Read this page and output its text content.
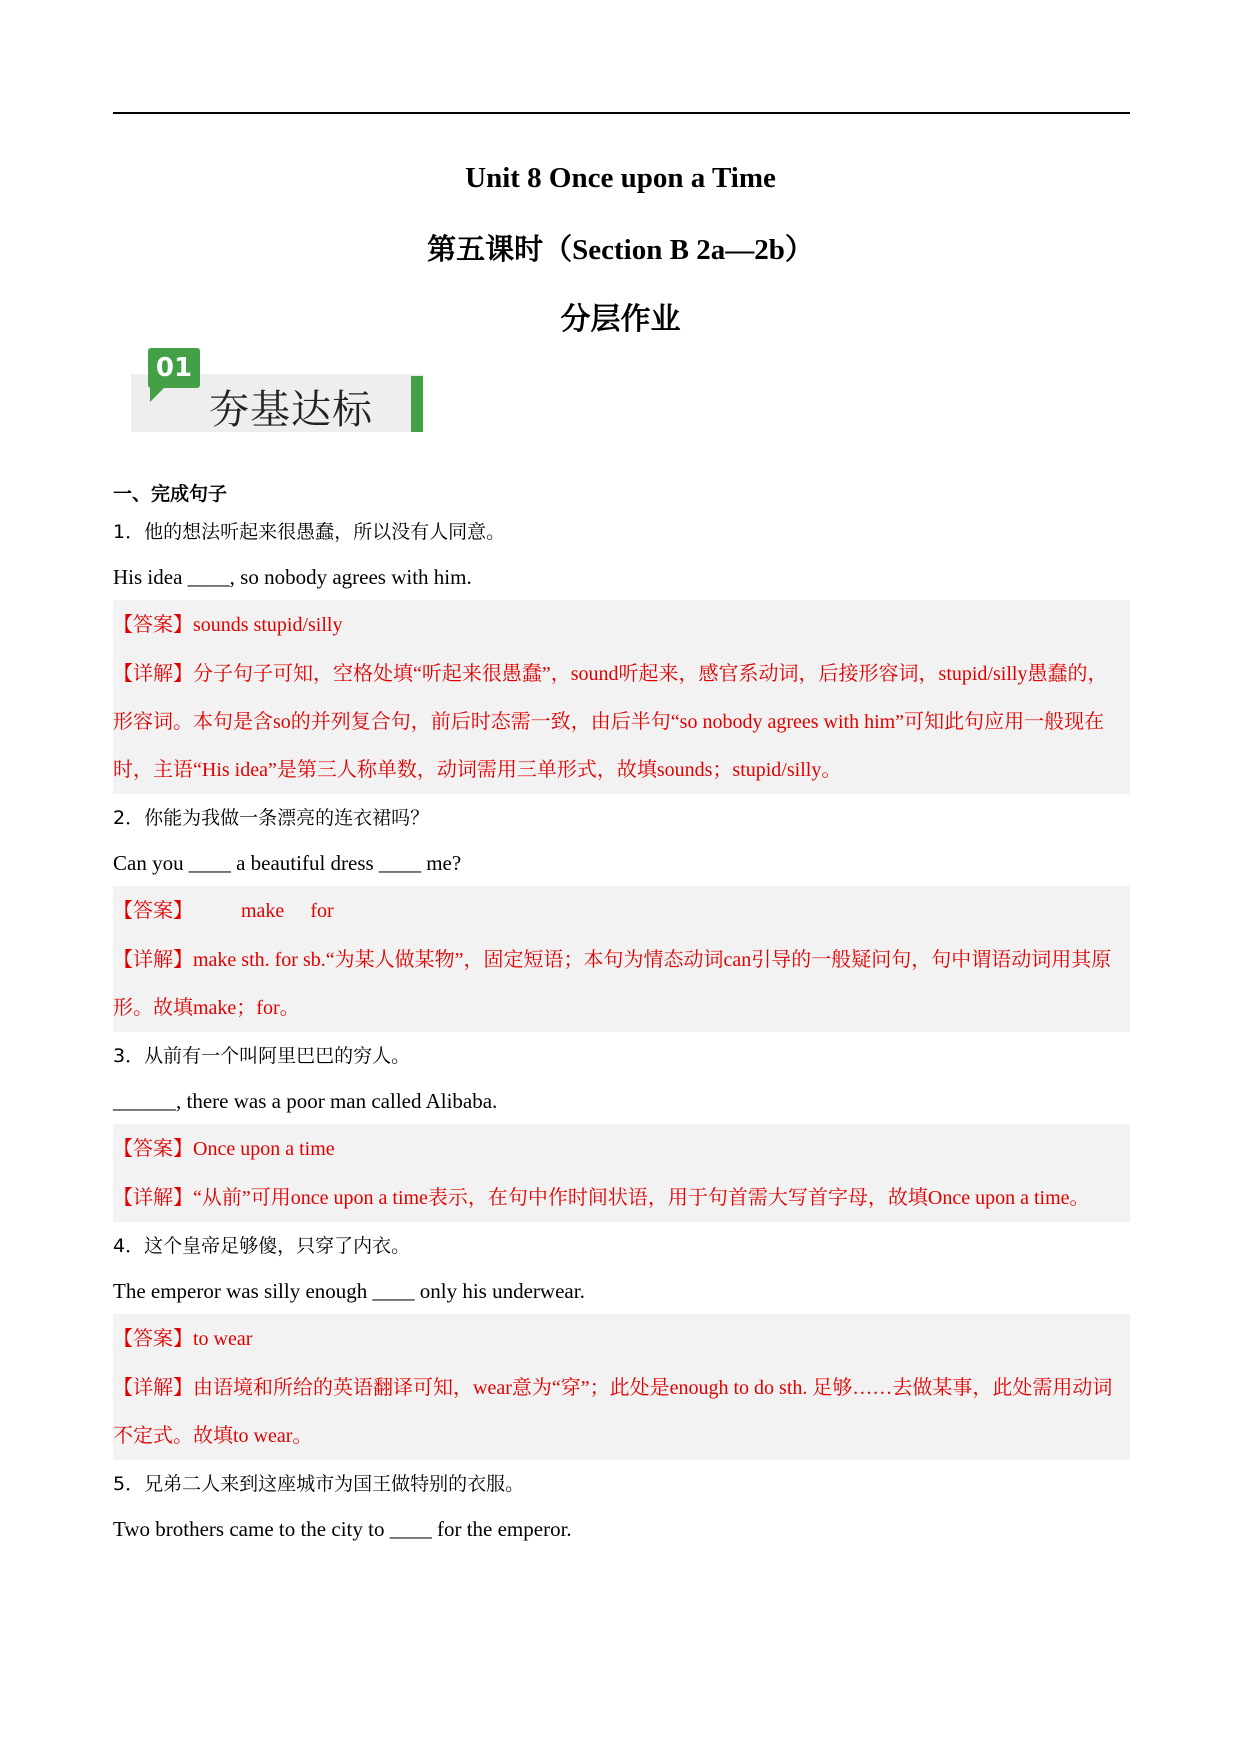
Unit 8 Once upon a Time
第五课时（Section B 2a—2b）
分层作业
01
夯基达标
一、完成句子
1．他的想法听起来很愚蠢，所以没有人同意。
His idea ____, so nobody agrees with him.
【答案】sounds stupid/silly
【详解】分子句子可知，空格处填“听起来很愚蠢”，sound听起来，感官系动词，后接形容词，stupid/silly愚蠢的，形容词。本句是含so的并列复合句，前后时态需一致，由后半句“so nobody agrees with him”可知此句应用一般现在时，主语“His idea”是第三人称单数，动词需用三单形式，故填sounds；stupid/silly。
2．你能为我做一条漂亮的连衣裙吗？
Can you ____ a beautiful dress ____ me?
【答案】 make for
【详解】make sth. for sb.“为某人做某物”，固定短语；本句为情态动词can引导的一般疑问句，句中谓语动词用其原形。故填make；for。
3．从前有一个叫阿里巴巴的穷人。
______, there was a poor man called Alibaba.
【答案】Once upon a time
【详解】“从前”可用once upon a time表示，在句中作时间状语，用于句首需大写首字母，故填Once upon a time。
4．这个皇帝足够傻，只穿了内衣。
The emperor was silly enough ____ only his underwear.
【答案】to wear
【详解】由语境和所给的英语翻译可知，wear意为“穿”；此处是enough to do sth. 足够……去做某事，此处需用动词不定式。故填to wear。
5．兄弟二人来到这座城市为国王做特别的衣服。
Two brothers came to the city to ____ for the emperor.
